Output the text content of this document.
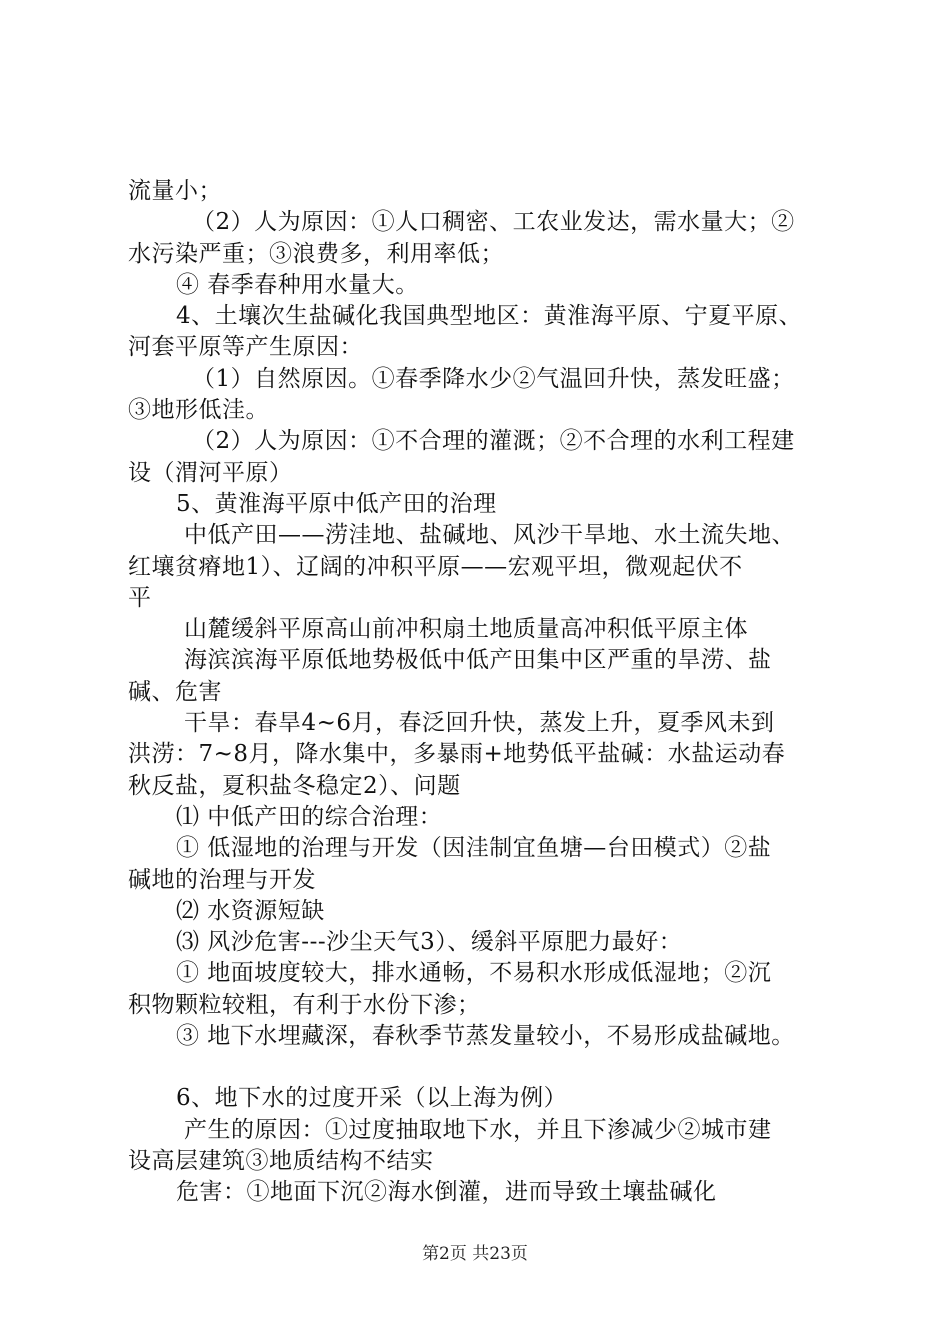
流量小；
（2）人为原因：①人口稠密、工农业发达，需水量大；②
水污染严重；③浪费多，利用率低；
④ 春季春种用水量大。
4、土壤次生盐碱化我国典型地区：黄淮海平原、宁夏平原、
河套平原等产生原因：
（1）自然原因。①春季降水少②气温回升快，蒸发旺盛；
③地形低洼。
（2）人为原因：①不合理的灌溉；②不合理的水利工程建
设（渭河平原）
5、黄淮海平原中低产田的治理
中低产田——涝洼地、盐碱地、风沙干旱地、水土流失地、
红壤贫瘠地1）、辽阔的冲积平原——宏观平坦，微观起伏不
平
山麓缓斜平原高山前冲积扇土地质量高冲积低平原主体
海滨滨海平原低地势极低中低产田集中区严重的旱涝、盐
碱、危害
干旱：春旱4~6月，春泛回升快，蒸发上升，夏季风未到
洪涝：7~8月，降水集中，多暴雨+地势低平盐碱：水盐运动春
秋反盐，夏积盐冬稳定2）、问题
⑴ 中低产田的综合治理：
① 低湿地的治理与开发（因洼制宜鱼塘—台田模式）②盐
碱地的治理与开发
⑵ 水资源短缺
⑶ 风沙危害---沙尘天气3）、缓斜平原肥力最好：
① 地面坡度较大，排水通畅，不易积水形成低湿地；②沉
积物颗粒较粗，有利于水份下渗；
③ 地下水埋藏深，春秋季节蒸发量较小，不易形成盐碱地。
6、地下水的过度开采（以上海为例）
产生的原因：①过度抽取地下水，并且下渗减少②城市建
设高层建筑③地质结构不结实
危害：①地面下沉②海水倒灌，进而导致土壤盐碱化
第2页 共23页
